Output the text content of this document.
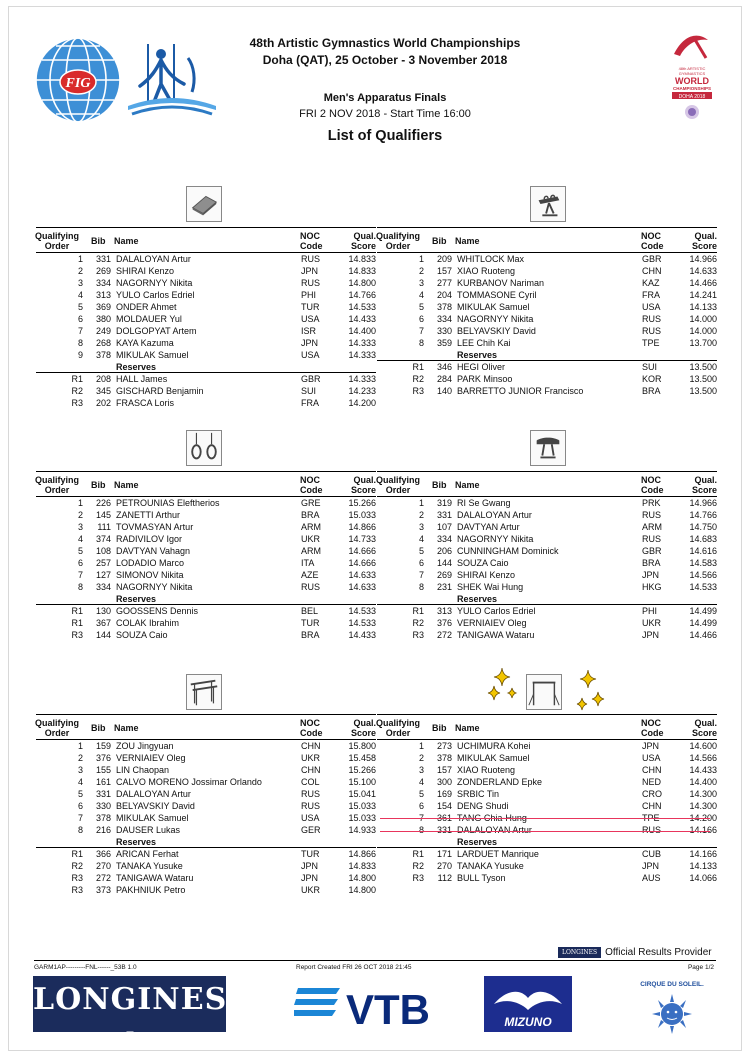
FIG
48th ARTISTIC
GYMNASTICS
WORLD
CHAMPIONSHIPS
DOHA 2018
48th Artistic Gymnastics World Championships
Doha (QAT), 25 October - 3 November 2018
Men's Apparatus Finals
FRI 2 NOV 2018 - Start Time 16:00
List of Qualifiers
Qualifying
Order	Bib Name	NOC
Code
Qual.
Score
1	331 DALALOYAN Artur	RUS	14.833
2	269 SHIRAI Kenzo	JPN	14.833
3	334 NAGORNYY Nikita	RUS	14.800
4	313 YULO Carlos Edriel	PHI	14.766
5	369 ONDER Ahmet	TUR	14.533
6	380 MOLDAUER Yul	USA	14.433
7	249 DOLGOPYAT Artem	ISR	14.400
8	268 KAYA Kazuma	JPN	14.333
9	378 MIKULAK Samuel	USA	14.333
Reserves
R1	208 HALL James	GBR	14.333
R2	345 GISCHARD Benjamin	SUI	14.233
R3	202 FRASCA Loris	FRA	14.200
Qualifying
Order	Bib Name	NOC
Code
Qual.
Score
1	209 WHITLOCK Max	GBR	14.966
2	157 XIAO Ruoteng	CHN	14.633
3	277 KURBANOV Nariman	KAZ	14.466
4	204 TOMMASONE Cyril	FRA	14.241
5	378 MIKULAK Samuel	USA	14.133
6	334 NAGORNYY Nikita	RUS	14.000
7	330 BELYAVSKIY David	RUS	14.000
8	359 LEE Chih Kai	TPE	13.700
Reserves
R1	346 HEGI Oliver	SUI	13.500
R2	284 PARK Minsoo	KOR	13.500
R3	140 BARRETTO JUNIOR Francisco	BRA	13.500
Qualifying
Order	Bib Name	NOC
Code
Qual.
Score
1	226 PETROUNIAS Eleftherios	GRE	15.266
2	145 ZANETTI Arthur	BRA	15.033
3	111 TOVMASYAN Artur	ARM	14.866
4	374 RADIVILOV Igor	UKR	14.733
5	108 DAVTYAN Vahagn	ARM	14.666
6	257 LODADIO Marco	ITA	14.666
7	127 SIMONOV Nikita	AZE	14.633
8	334 NAGORNYY Nikita	RUS	14.633
Reserves
R1	130 GOOSSENS Dennis	BEL	14.533
R1	367 COLAK Ibrahim	TUR	14.533
R3	144 SOUZA Caio	BRA	14.433
Qualifying
Order	Bib Name	NOC
Code
Qual.
Score
1	319 RI Se Gwang	PRK	14.966
2	331 DALALOYAN Artur	RUS	14.766
3	107 DAVTYAN Artur	ARM	14.750
4	334 NAGORNYY Nikita	RUS	14.683
5	206 CUNNINGHAM Dominick	GBR	14.616
6	144 SOUZA Caio	BRA	14.583
7	269 SHIRAI Kenzo	JPN	14.566
8	231 SHEK Wai Hung	HKG	14.533
Reserves
R1	313 YULO Carlos Edriel	PHI	14.499
R2	376 VERNIAIEV Oleg	UKR	14.499
R3	272 TANIGAWA Wataru	JPN	14.466
Qualifying
Order	Bib Name	NOC
Code
Qual.
Score
1	159 ZOU Jingyuan	CHN	15.800
2	376 VERNIAIEV Oleg	UKR	15.458
3	155 LIN Chaopan	CHN	15.266
4	161 CALVO MORENO Jossimar Orlando	COL	15.100
5	331 DALALOYAN Artur	RUS	15.041
6	330 BELYAVSKIY David	RUS	15.033
7	378 MIKULAK Samuel	USA	15.033
8	216 DAUSER Lukas	GER	14.933
Reserves
R1	366 ARICAN Ferhat	TUR	14.866
R2	270 TANAKA Yusuke	JPN	14.833
R3	272 TANIGAWA Wataru	JPN	14.800
R3	373 PAKHNIUK Petro	UKR	14.800
Qualifying
Order	Bib Name	NOC
Code
Qual.
Score
1	273 UCHIMURA Kohei	JPN	14.600
2	378 MIKULAK Samuel	USA	14.566
3	157 XIAO Ruoteng	CHN	14.433
4	300 ZONDERLAND Epke	NED	14.400
5	169 SRBIC Tin	CRO	14.300
6	154 DENG Shudi	CHN	14.300
7	361 TANG Chia-Hung	TPE	14.200
8	331 DALALOYAN Artur	RUS	14.166
Reserves
R1	171 LARDUET Manrique	CUB	14.166
R2	270 TANAKA Yusuke	JPN	14.133
R3	112 BULL Tyson	AUS	14.066
LONGINES Official Results Provider
GARM1AP---------FNL------_53B 1.0	Report Created FRI 26 OCT 2018 21:45	Page 1/2
LONGINES	VTB	MIZUNO
CIRQUE DU SOLEIL.
